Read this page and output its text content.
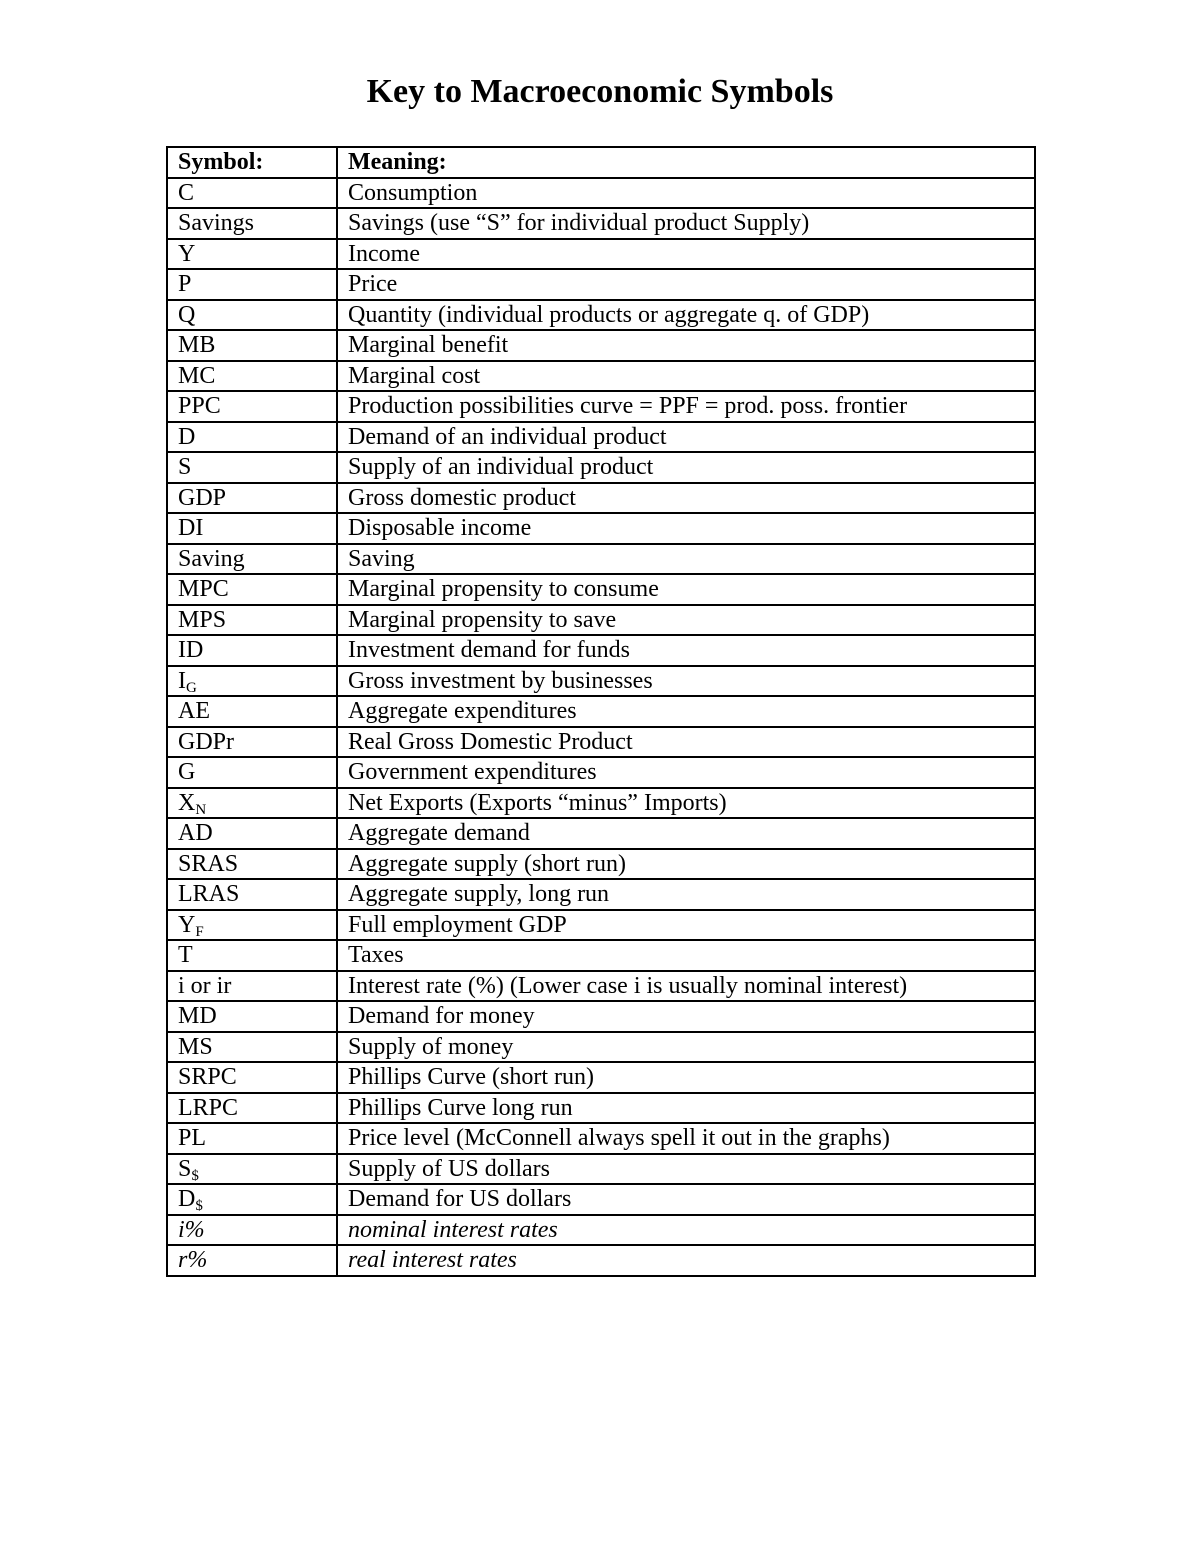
Key to Macroeconomic Symbols
Symbol:	Meaning:
C	Consumption
Savings	Savings (use “S” for individual product Supply)
Y	Income
P	Price
Q	Quantity (individual products or aggregate q. of GDP)
MB	Marginal benefit
MC	Marginal cost
PPC	Production possibilities curve = PPF = prod. poss. frontier
D	Demand of an individual product
S	Supply of an individual product
GDP	Gross domestic product
DI	Disposable income
Saving	Saving
MPC	Marginal propensity to consume
MPS	Marginal propensity to save
ID	Investment demand for funds
IG	Gross investment by businesses
AE	Aggregate expenditures
GDPr	Real Gross Domestic Product
G	Government expenditures
XN	Net Exports (Exports “minus” Imports)
AD	Aggregate demand
SRAS	Aggregate supply (short run)
LRAS	Aggregate supply, long run
YF	Full employment GDP
T	Taxes
i or ir	Interest rate (%) (Lower case i is usually nominal interest)
MD	Demand for money
MS	Supply of money
SRPC	Phillips Curve (short run)
LRPC	Phillips Curve long run
PL	Price level (McConnell always spell it out in the graphs)
S$	Supply of US dollars
D$	Demand for US dollars
i%	nominal interest rates
r%	real interest rates
